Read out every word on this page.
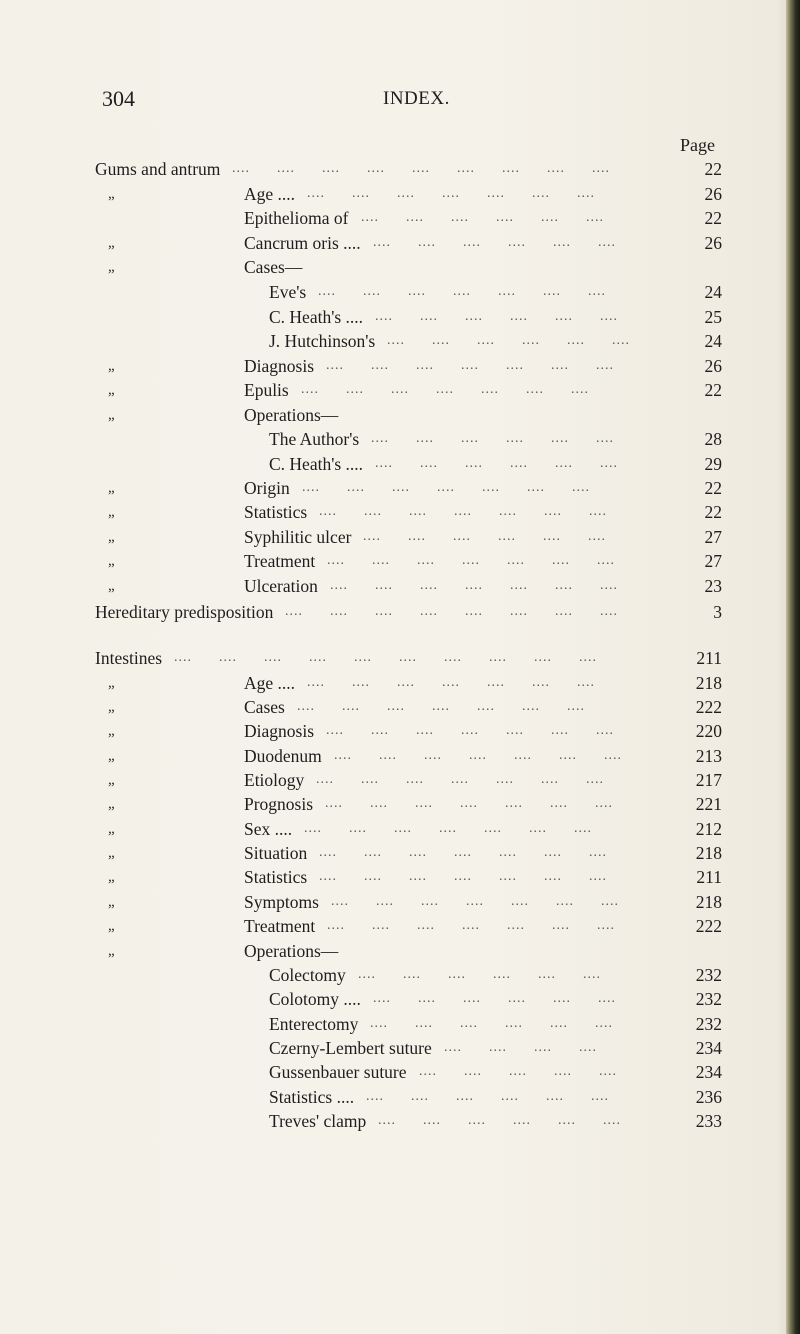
304	INDEX.
Page
Gums and antrum ....      ....      ....      ....      ....      ....      ....      ....      ....	22
„	Age .... ....      ....      ....      ....      ....      ....      ....	26
Epithelioma of ....      ....      ....      ....      ....      ....	22
„	Cancrum oris .... ....      ....      ....      ....      ....      ....	26
„	Cases—
Eve's ....      ....      ....      ....      ....      ....      ....	24
C. Heath's .... ....      ....      ....      ....      ....      ....	25
J. Hutchinson's ....      ....      ....      ....      ....      ....	24
„	Diagnosis ....      ....      ....      ....      ....      ....      ....	26
„	Epulis ....      ....      ....      ....      ....      ....      ....	22
„	Operations—
The Author's ....      ....      ....      ....      ....      ....	28
C. Heath's .... ....      ....      ....      ....      ....      ....	29
„	Origin ....      ....      ....      ....      ....      ....      ....	22
„	Statistics ....      ....      ....      ....      ....      ....      ....	22
„	Syphilitic ulcer ....      ....      ....      ....      ....      ....	27
„	Treatment ....      ....      ....      ....      ....      ....      ....	27
„	Ulceration ....      ....      ....      ....      ....      ....      ....	23
Hereditary predisposition ....      ....      ....      ....      ....      ....      ....      ....	3
Intestines ....      ....      ....      ....      ....      ....      ....      ....      ....      ....	211
„	Age .... ....      ....      ....      ....      ....      ....      ....	218
„	Cases ....      ....      ....      ....      ....      ....      ....	222
„	Diagnosis ....      ....      ....      ....      ....      ....      ....	220
„	Duodenum ....      ....      ....      ....      ....      ....      ....	213
„	Etiology ....      ....      ....      ....      ....      ....      ....	217
„	Prognosis ....      ....      ....      ....      ....      ....      ....	221
„	Sex .... ....      ....      ....      ....      ....      ....      ....	212
„	Situation ....      ....      ....      ....      ....      ....      ....	218
„	Statistics ....      ....      ....      ....      ....      ....      ....	211
„	Symptoms ....      ....      ....      ....      ....      ....      ....	218
„	Treatment ....      ....      ....      ....      ....      ....      ....	222
„	Operations—
Colectomy ....      ....      ....      ....      ....      ....	232
Colotomy .... ....      ....      ....      ....      ....      ....	232
Enterectomy ....      ....      ....      ....      ....      ....	232
Czerny-Lembert suture ....      ....      ....      ....	234
Gussenbauer suture ....      ....      ....      ....      ....	234
Statistics .... ....      ....      ....      ....      ....      ....	236
Treves' clamp ....      ....      ....      ....      ....      ....	233
